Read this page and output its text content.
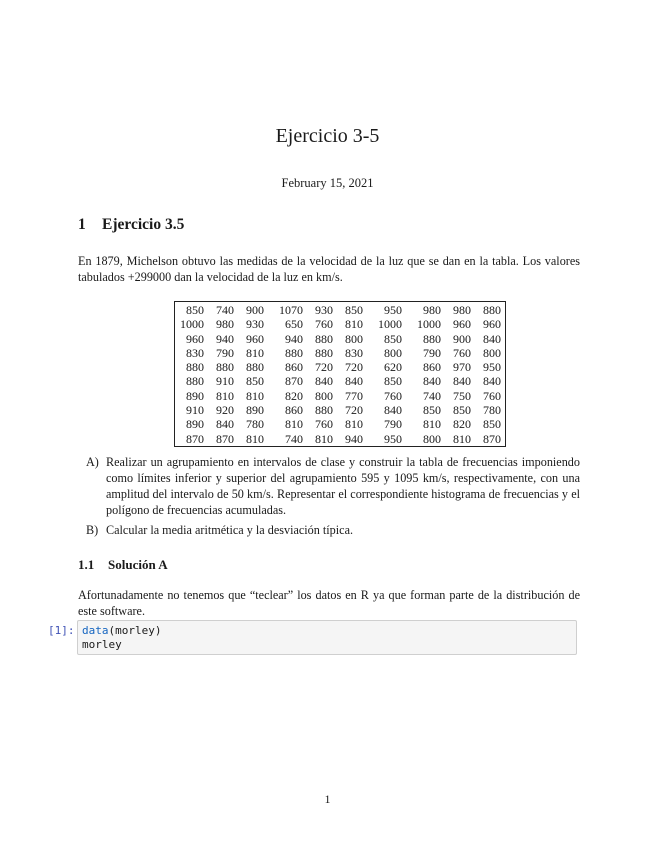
Ejercicio 3-5
February 15, 2021
1 Ejercicio 3.5
En 1879, Michelson obtuvo las medidas de la velocidad de la luz que se dan en la tabla. Los valores tabulados +299000 dan la velocidad de la luz en km/s.
850	740	900	1070	930	850	950	980	980	880
1000	980	930	650	760	810	1000	1000	960	960
960	940	960	940	880	800	850	880	900	840
830	790	810	880	880	830	800	790	760	800
880	880	880	860	720	720	620	860	970	950
880	910	850	870	840	840	850	840	840	840
890	810	810	820	800	770	760	740	750	760
910	920	890	860	880	720	840	850	850	780
890	840	780	810	760	810	790	810	820	850
870	870	810	740	810	940	950	800	810	870
A) Realizar un agrupamiento en intervalos de clase y construir la tabla de frecuencias imponiendo como límites inferior y superior del agrupamiento 595 y 1095 km/s, respectivamente, con una amplitud del intervalo de 50 km/s. Representar el correspondiente histograma de frecuencias y el polígono de frecuencias acumuladas.
B) Calcular la media aritmética y la desviación típica.
1.1 Solución A
Afortunadamente no tenemos que “teclear” los datos en R ya que forman parte de la distribución de este software.
[1]: data(morley)
morley
1
